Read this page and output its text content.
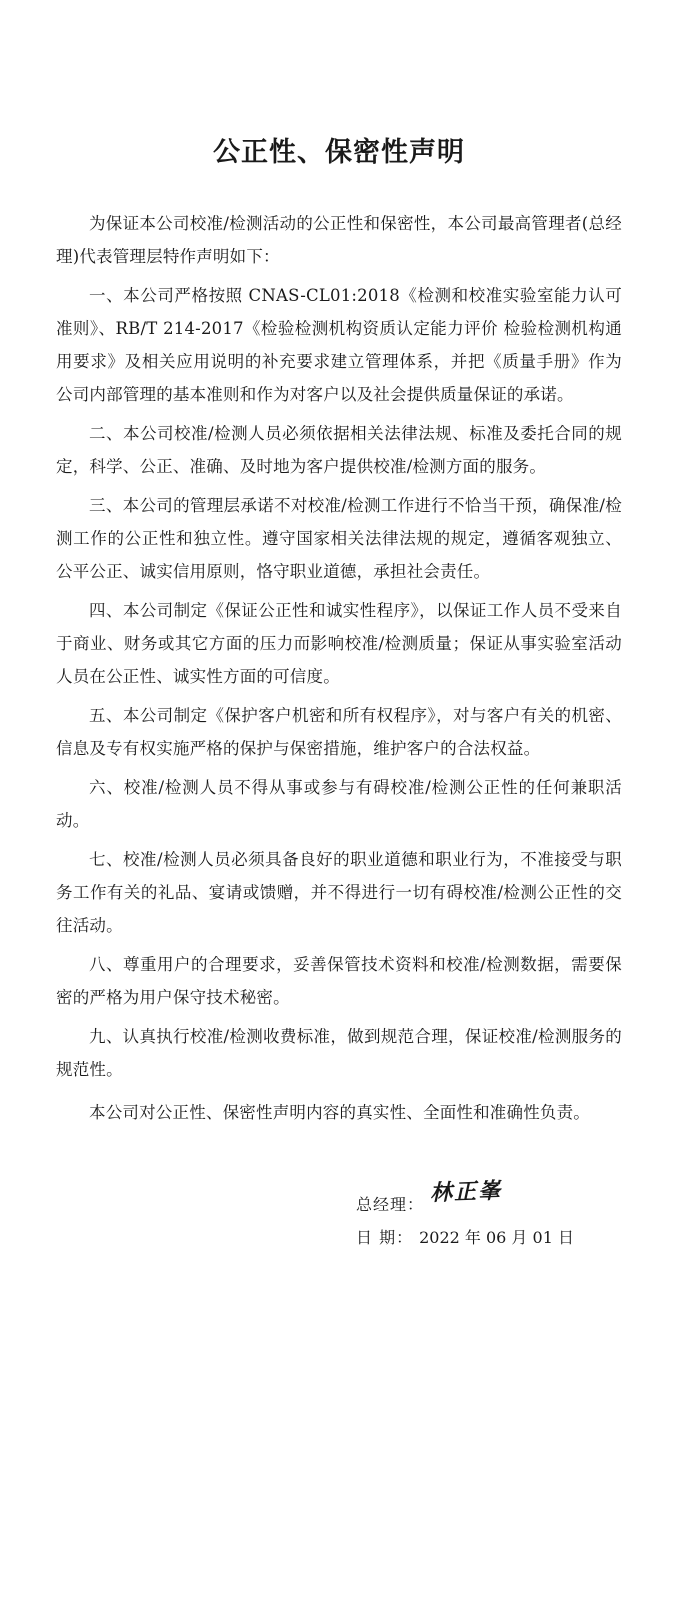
公正性、保密性声明

为保证本公司校准/检测活动的公正性和保密性，本公司最高管理者(总经理)代表管理层特作声明如下：

一、本公司严格按照 CNAS-CL01:2018《检测和校准实验室能力认可准则》、RB/T 214-2017《检验检测机构资质认定能力评价 检验检测机构通用要求》及相关应用说明的补充要求建立管理体系，并把《质量手册》作为公司内部管理的基本准则和作为对客户以及社会提供质量保证的承诺。

二、本公司校准/检测人员必须依据相关法律法规、标准及委托合同的规定，科学、公正、准确、及时地为客户提供校准/检测方面的服务。

三、本公司的管理层承诺不对校准/检测工作进行不恰当干预，确保准/检测工作的公正性和独立性。遵守国家相关法律法规的规定，遵循客观独立、公平公正、诚实信用原则，恪守职业道德，承担社会责任。

四、本公司制定《保证公正性和诚实性程序》，以保证工作人员不受来自于商业、财务或其它方面的压力而影响校准/检测质量；保证从事实验室活动人员在公正性、诚实性方面的可信度。

五、本公司制定《保护客户机密和所有权程序》，对与客户有关的机密、信息及专有权实施严格的保护与保密措施，维护客户的合法权益。

六、校准/检测人员不得从事或参与有碍校准/检测公正性的任何兼职活动。

七、校准/检测人员必须具备良好的职业道德和职业行为，不准接受与职务工作有关的礼品、宴请或馈赠，并不得进行一切有碍校准/检测公正性的交往活动。

八、尊重用户的合理要求，妥善保管技术资料和校准/检测数据，需要保密的严格为用户保守技术秘密。

九、认真执行校准/检测收费标准，做到规范合理，保证校准/检测服务的规范性。

本公司对公正性、保密性声明内容的真实性、全面性和准确性负责。

总经理： 林正峯
日 期： 2022 年 06 月 01 日
